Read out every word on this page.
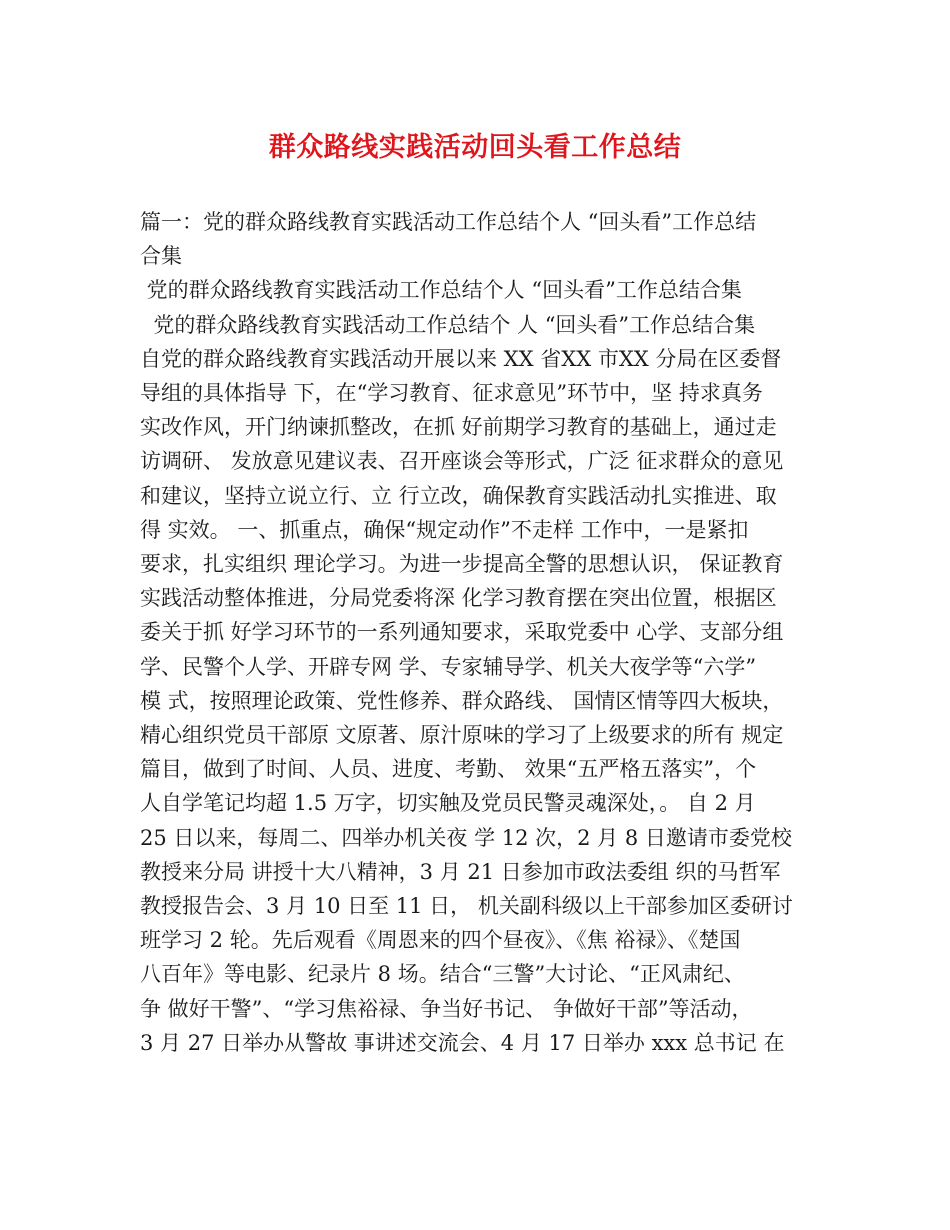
群众路线实践活动回头看工作总结
篇一：党的群众路线教育实践活动工作总结个人 “回头看”工作总结
合集
党的群众路线教育实践活动工作总结个人 “回头看”工作总结合集
党的群众路线教育实践活动工作总结个 人 “回头看”工作总结合集
自党的群众路线教育实践活动开展以来 XX 省XX 市XX 分局在区委督
导组的具体指导 下，在“学习教育、征求意见”环节中，坚 持求真务
实改作风，开门纳谏抓整改，在抓 好前期学习教育的基础上，通过走
访调研、 发放意见建议表、召开座谈会等形式，广泛 征求群众的意见
和建议，坚持立说立行、立 行立改，确保教育实践活动扎实推进、取
得 实效。 一、抓重点，确保“规定动作”不走样 工作中，一是紧扣
要求，扎实组织 理论学习。为进一步提高全警的思想认识， 保证教育
实践活动整体推进，分局党委将深 化学习教育摆在突出位置，根据区
委关于抓 好学习环节的一系列通知要求，采取党委中 心学、支部分组
学、民警个人学、开辟专网 学、专家辅导学、机关大夜学等“六学”
模 式，按照理论政策、党性修养、群众路线、 国情区情等四大板块，
精心组织党员干部原 文原著、原汁原味的学习了上级要求的所有 规定
篇目，做到了时间、人员、进度、考勤、 效果“五严格五落实”，个
人自学笔记均超 1.5 万字，切实触及党员民警灵魂深处，。 自 2 月
25 日以来，每周二、四举办机关夜 学 12 次，2 月 8 日邀请市委党校
教授来分局 讲授十大八精神，3 月 21 日参加市政法委组 织的马哲军
教授报告会、3 月 10 日至 11 日， 机关副科级以上干部参加区委研讨
班学习 2 轮。先后观看《周恩来的四个昼夜》、《焦 裕禄》、《楚国
八百年》等电影、纪录片 8 场。结合“三警”大讨论、“正风肃纪、
争 做好干警”、“学习焦裕禄、争当好书记、 争做好干部”等活动，
3 月 27 日举办从警故 事讲述交流会、4 月 17 日举办 xxx 总书记 在
